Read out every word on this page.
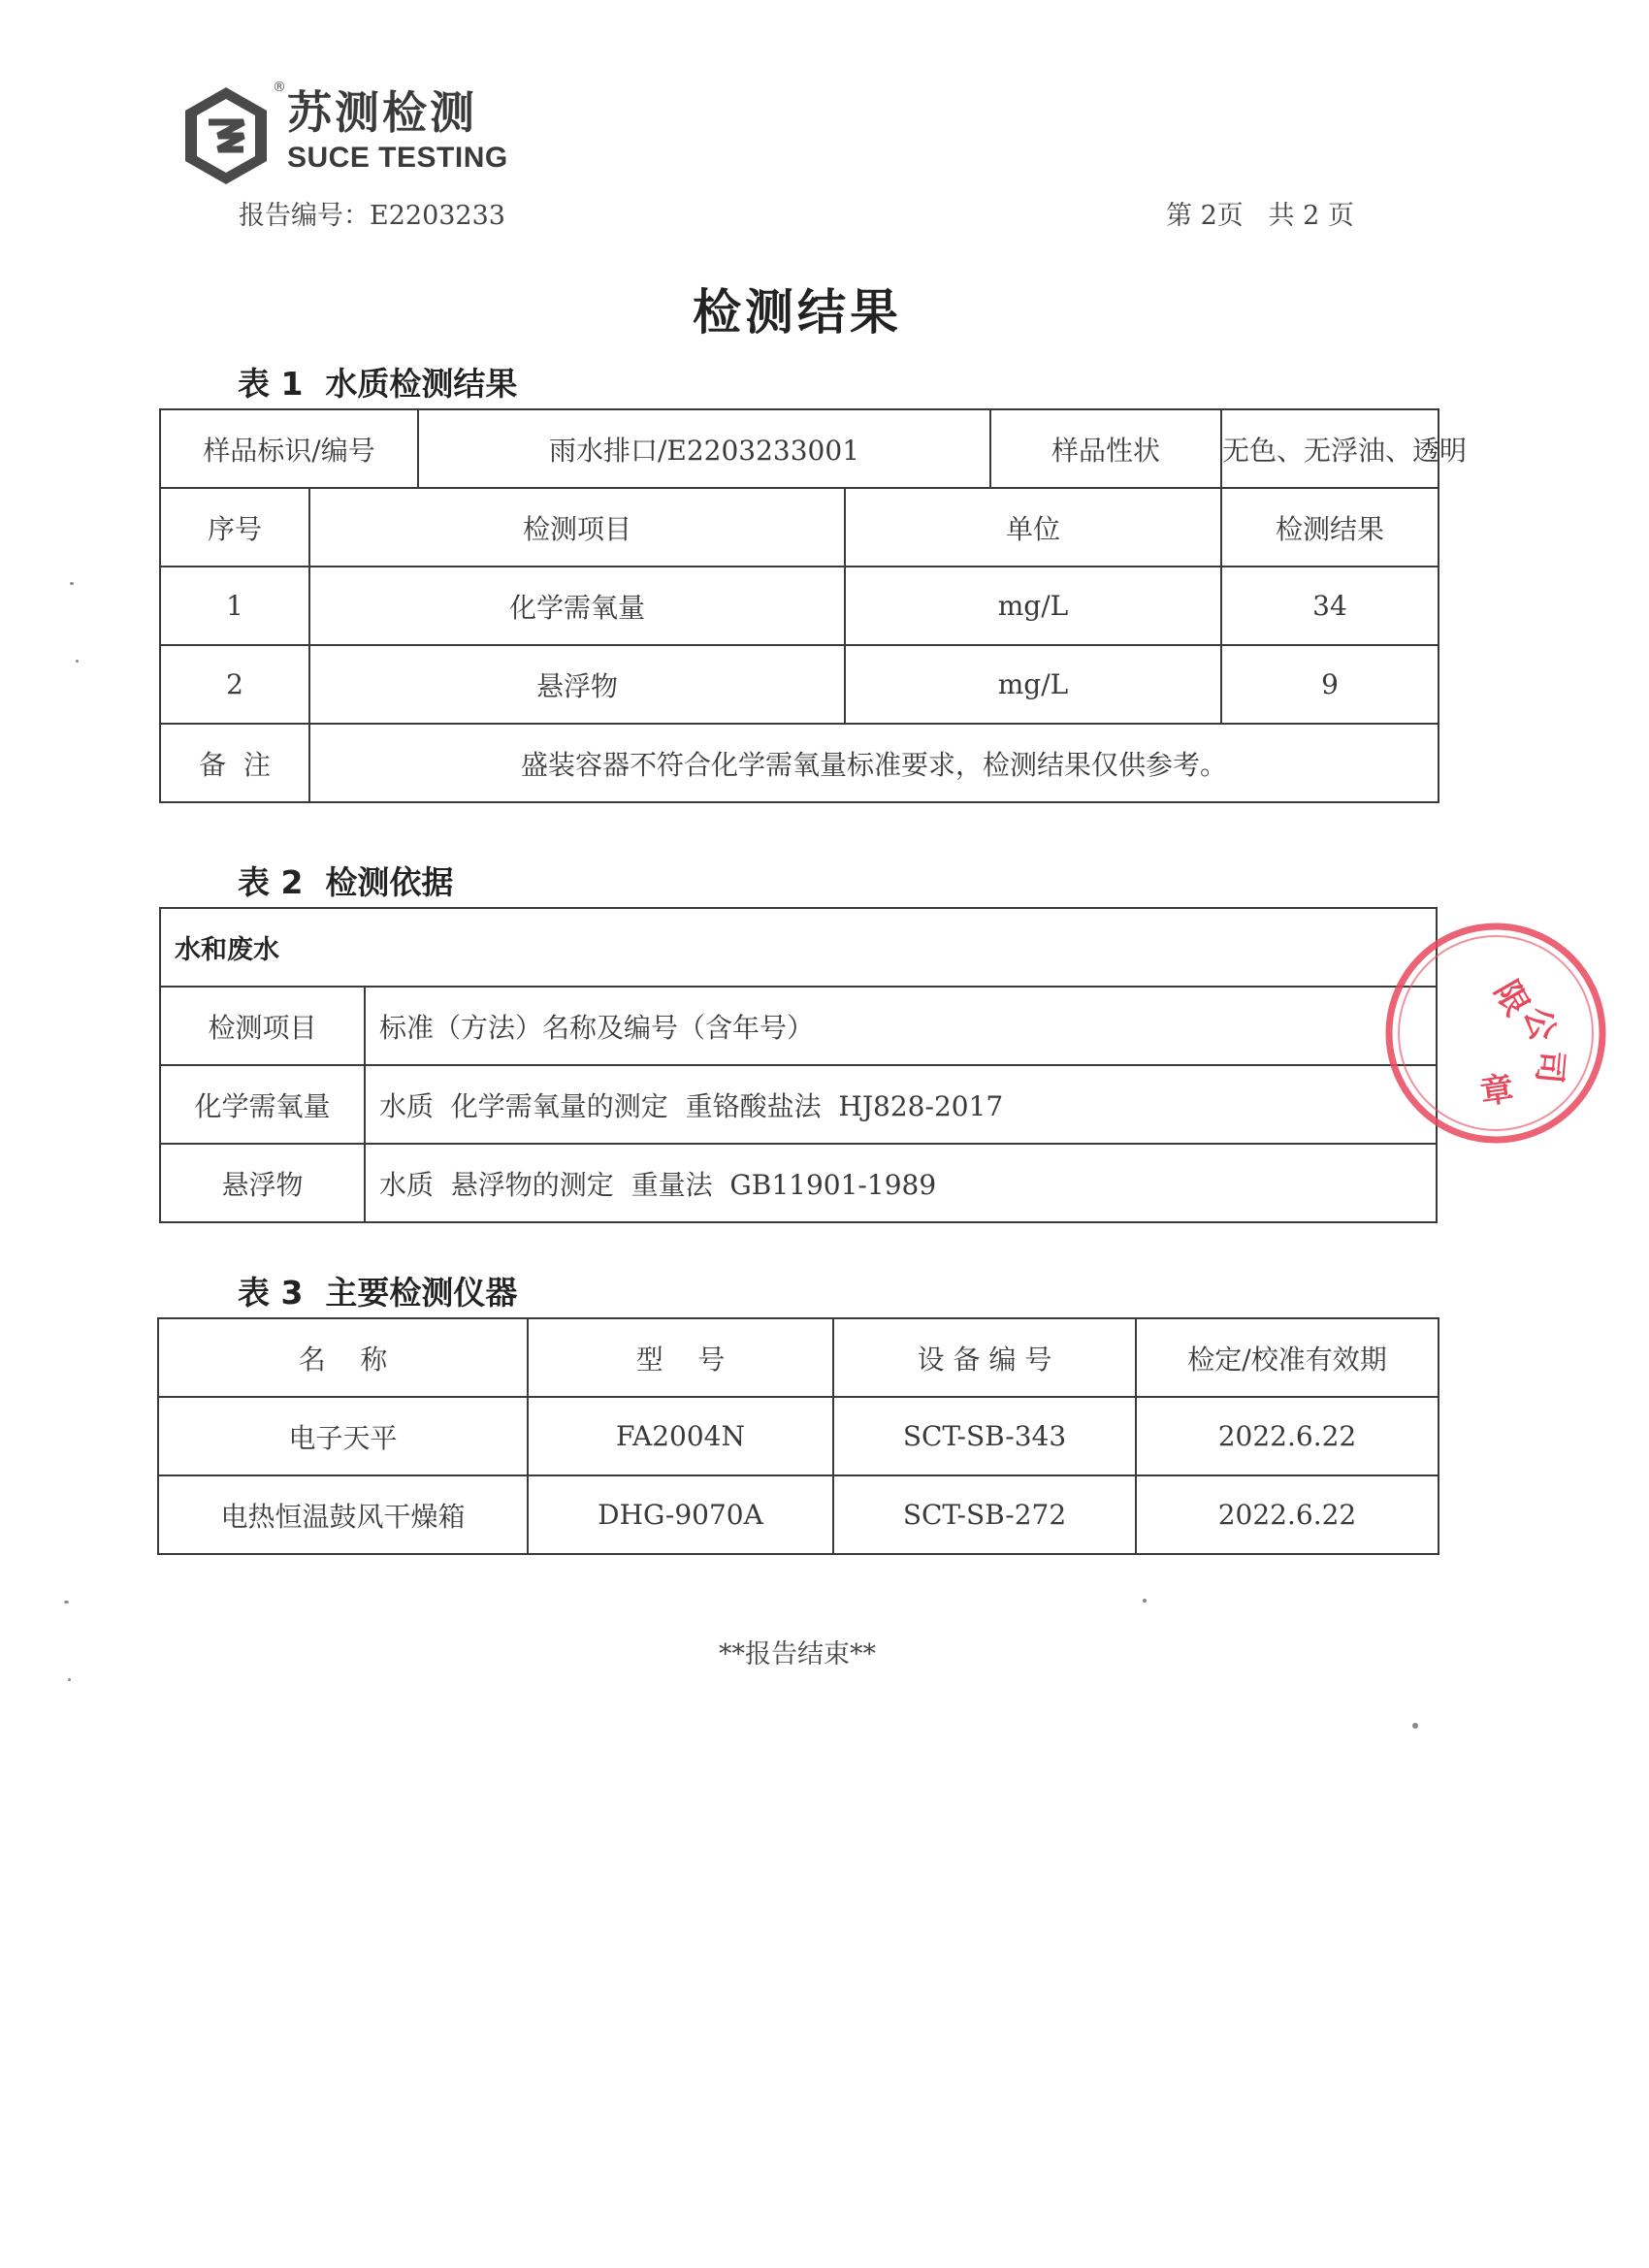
® 苏测检测
SUCE TESTING
报告编号：E2203233	第 2页   共 2 页
检测结果
表 1  水质检测结果
样品标识/编号		雨水排口/E2203233001		样品性状	无色、无浮油、透明
序号	检测项目		单位		检测结果
1	化学需氧量		mg/L		34
2	悬浮物		mg/L		9
备  注	盛装容器不符合化学需氧量标准要求，检测结果仅供参考。				
表 2  检测依据
水和废水	
检测项目	标准（方法）名称及编号（含年号）
化学需氧量	水质  化学需氧量的测定  重铬酸盐法  HJ828-2017
悬浮物	水质  悬浮物的测定  重量法  GB11901-1989
表 3  主要检测仪器
名    称	型    号	设 备 编 号	检定/校准有效期
电子天平	FA2004N	SCT-SB-343	2022.6.22
电热恒温鼓风干燥箱	DHG-9070A	SCT-SB-272	2022.6.22
**报告结束**
限
公
司
章
